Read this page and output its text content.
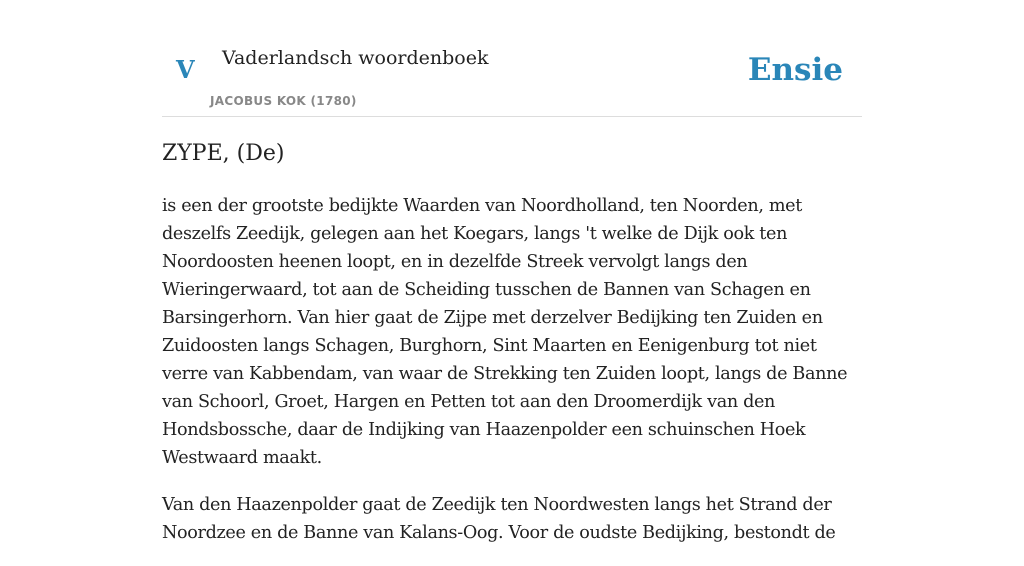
V Vaderlandsch woordenboek
JACOBUS KOK (1780)
Ensie
ZYPE, (De)

is een der grootste bedijkte Waarden van Noordholland, ten Noorden, met deszelfs Zeedijk, gelegen aan het Koegars, langs 't welke de Dijk ook ten Noordoosten heenen loopt, en in dezelfde Streek vervolgt langs den Wieringerwaard, tot aan de Scheiding tusschen de Bannen van Schagen en Barsingerhorn. Van hier gaat de Zijpe met derzelver Bedijking ten Zuiden en Zuidoosten langs Schagen, Burghorn, Sint Maarten en Eenigenburg tot niet verre van Kabbendam, van waar de Strekking ten Zuiden loopt, langs de Banne van Schoorl, Groet, Hargen en Petten tot aan den Droomerdijk van den Hondsbossche, daar de Indijking van Haazenpolder een schuinschen Hoek Westwaard maakt.

Van den Haazenpolder gaat de Zeedijk ten Noordwesten langs het Strand der Noordzee en de Banne van Kalans-Oog. Voor de oudste Bedijking, bestondt de
